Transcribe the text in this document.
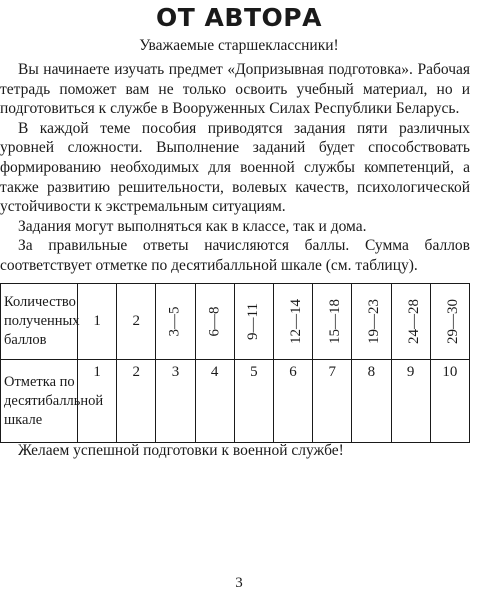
ОТ АВТОРА
Уважаемые старшеклассники!

Вы начинаете изучать предмет «Допризывная подготовка». Рабочая тетрадь поможет вам не только освоить учебный материал, но и подготовиться к службе в Вооруженных Силах Республики Беларусь.

В каждой теме пособия приводятся задания пяти различных уровней сложности. Выполнение заданий будет способствовать формированию необходимых для военной службы компетенций, а также развитию решительности, волевых качеств, психологической устойчивости к экстремальным ситуациям.

Задания могут выполняться как в классе, так и дома.

За правильные ответы начисляются баллы. Сумма баллов соответствует отметке по десятибалльной шкале (см. таблицу).

Количество полученных баллов	1	2	3—5	6—8	9—11	12—14	15—18	19—23	24—28	29—30
Отметка по десятибалльной шкале	1	2	3	4	5	6	7	8	9	10
Желаем успешной подготовки к военной службе!
3
